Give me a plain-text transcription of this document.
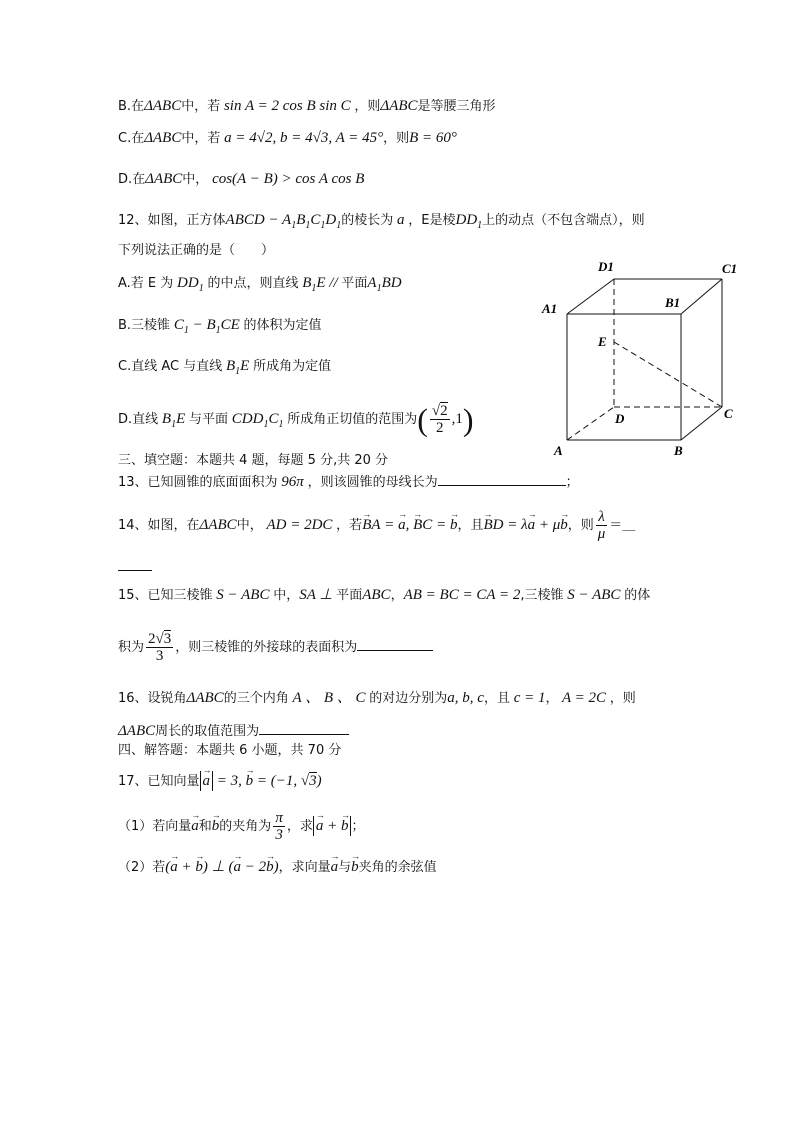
B.在ΔABC中，若 sin A = 2 cos B sin C ，则ΔABC是等腰三角形
C.在ΔABC中，若 a = 4√2, b = 4√3, A = 45°，则B = 60°
D.在ΔABC中， cos(A − B) > cos A cos B
12、如图，正方体ABCD − $A_1B_1C_1D_1$的棱长为 a ，E是棱$DD_1$上的动点（不包含端点），则
下列说法正确的是（　　）
A.若 E 为 $DD_1$ 的中点，则直线 $B_1E$ // 平面$A_1BD$
B.三棱锥 $C_1 - B_1CE$ 的体积为定值
C.直线 AC 与直线 $B_1E$ 所成角为定值
D.直线 $B_1E$ 与平面 $CDD_1C_1$ 所成角正切值的范围为( $\frac{√2}{2} ,1$)
D1	C1
A1	B1
E
D	C
A	B
三、填空题：本题共 4 题，每题 5 分,共 20 分
13、已知圆锥的底面面积为 96π ，则该圆锥的母线长为	；
14、如图，在ΔABC中， AD = 2DC ，若→ BA = → a, → BC = → b，且→ BD = λ→ a + μ→ b，则 $\frac{\lambda}{\mu}$ ＝＿
15、已知三棱锥 S − ABC 中，SA ⊥ 平面ABC，AB = BC = CA = 2,三棱锥 S − ABC 的体
积为 $\frac{2√3}{3}$ ，则三棱锥的外接球的表面积为
16、设锐角ΔABC的三个内角 A 、 B 、 C 的对边分别为a, b, c，且 c = 1， A = 2C ，则
ΔABC周长的取值范围为
四、解答题：本题共 6 小题，共 70 分
17、已知向量 → a = 3, → b = (−1, √3)
（1）若向量→ a和→ b的夹角为 $\frac{\pi}{3}$ ，求 → a + → b ；
（2）若(→ a + → b) ⊥ (→ a − 2→ b)，求向量→ a与→ b夹角的余弦值
